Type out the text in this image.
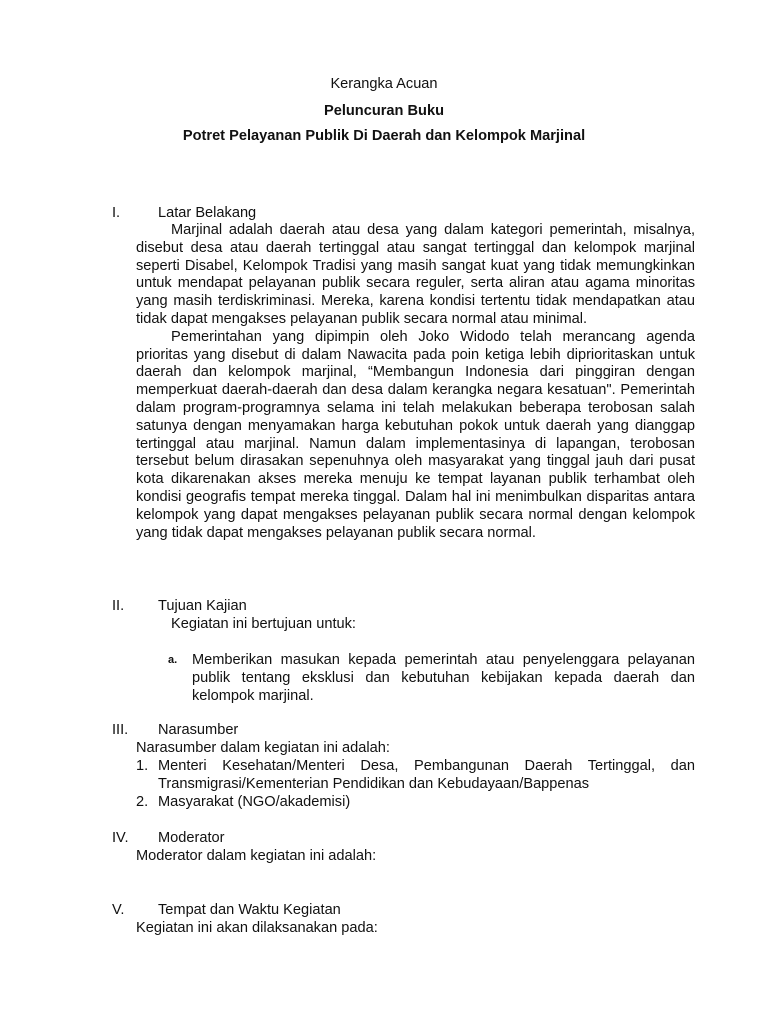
Kerangka Acuan
Peluncuran Buku
Potret Pelayanan Publik Di Daerah dan Kelompok Marjinal
I.	Latar Belakang

Marjinal adalah daerah atau desa yang dalam kategori pemerintah, misalnya, disebut desa atau daerah tertinggal atau sangat tertinggal dan kelompok marjinal seperti Disabel, Kelompok Tradisi yang masih sangat kuat yang tidak memungkinkan untuk mendapat pelayanan publik secara reguler, serta aliran atau agama minoritas yang masih terdiskriminasi. Mereka, karena kondisi tertentu tidak mendapatkan atau tidak dapat mengakses pelayanan publik secara normal atau minimal.

Pemerintahan yang dipimpin oleh Joko Widodo telah merancang agenda prioritas yang disebut di dalam Nawacita pada poin ketiga lebih diprioritaskan untuk daerah dan kelompok marjinal, “Membangun Indonesia dari pinggiran dengan memperkuat daerah-daerah dan desa dalam kerangka negara kesatuan". Pemerintah dalam program-programnya selama ini telah melakukan beberapa terobosan salah satunya dengan menyamakan harga kebutuhan pokok untuk daerah yang dianggap tertinggal atau marjinal. Namun dalam implementasinya di lapangan, terobosan tersebut belum dirasakan sepenuhnya oleh masyarakat yang tinggal jauh dari pusat kota dikarenakan akses mereka menuju ke tempat layanan publik terhambat oleh kondisi geografis tempat mereka tinggal. Dalam hal ini menimbulkan disparitas antara kelompok yang dapat mengakses pelayanan publik secara normal dengan kelompok yang tidak dapat mengakses pelayanan publik secara normal.

II. Tujuan Kajian
Kegiatan ini bertujuan untuk:
a. Memberikan masukan kepada pemerintah atau penyelenggara pelayanan publik tentang eksklusi dan kebutuhan kebijakan kepada daerah dan kelompok marjinal.
III. Narasumber
Narasumber dalam kegiatan ini adalah:
1. Menteri Kesehatan/Menteri Desa, Pembangunan Daerah Tertinggal, dan Transmigrasi/Kementerian Pendidikan dan Kebudayaan/Bappenas
2. Masyarakat (NGO/akademisi)
IV. Moderator
Moderator dalam kegiatan ini adalah:
V. Tempat dan Waktu Kegiatan
Kegiatan ini akan dilaksanakan pada:
